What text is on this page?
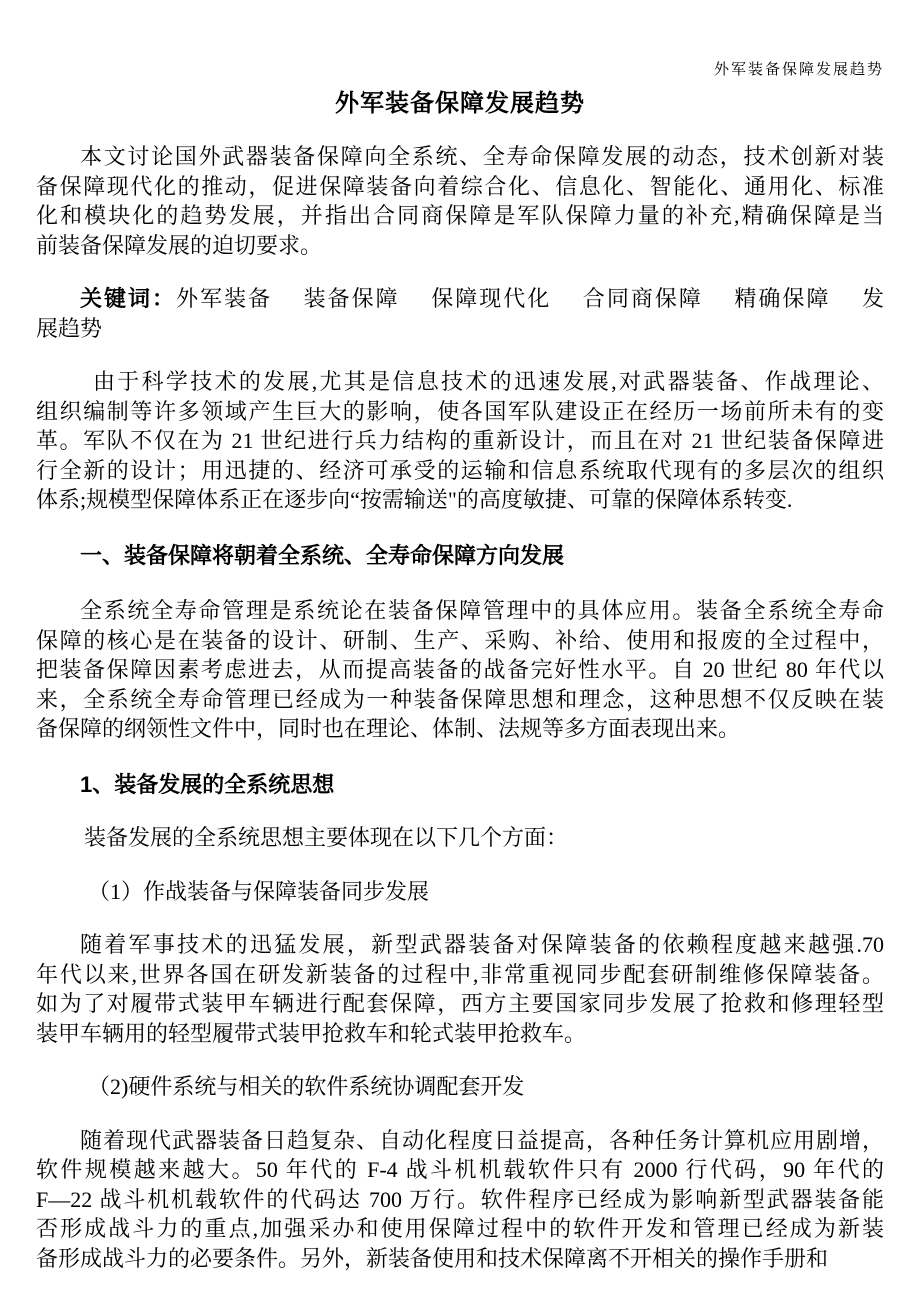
外军装备保障发展趋势
外军装备保障发展趋势
本文讨论国外武器装备保障向全系统、全寿命保障发展的动态，技术创新对装
备保障现代化的推动，促进保障装备向着综合化、信息化、智能化、通用化、标准
化和模块化的趋势发展，并指出合同商保障是军队保障力量的补充,精确保障是当
前装备保障发展的迫切要求。
关键词：外军装备　 装备保障　 保障现代化　 合同商保障　 精确保障　 发
展趋势
由于科学技术的发展,尤其是信息技术的迅速发展,对武器装备、作战理论、
组织编制等许多领域产生巨大的影响，使各国军队建设正在经历一场前所未有的变
革。军队不仅在为 21 世纪进行兵力结构的重新设计，而且在对 21 世纪装备保障进
行全新的设计；用迅捷的、经济可承受的运输和信息系统取代现有的多层次的组织
体系;规模型保障体系正在逐步向“按需输送"的高度敏捷、可靠的保障体系转变.
一、装备保障将朝着全系统、全寿命保障方向发展
全系统全寿命管理是系统论在装备保障管理中的具体应用。装备全系统全寿命
保障的核心是在装备的设计、研制、生产、采购、补给、使用和报废的全过程中，
把装备保障因素考虑进去，从而提高装备的战备完好性水平。自 20 世纪 80 年代以
来，全系统全寿命管理已经成为一种装备保障思想和理念，这种思想不仅反映在装
备保障的纲领性文件中，同时也在理论、体制、法规等多方面表现出来。
1、装备发展的全系统思想
装备发展的全系统思想主要体现在以下几个方面：
（1）作战装备与保障装备同步发展
随着军事技术的迅猛发展，新型武器装备对保障装备的依赖程度越来越强.70
年代以来,世界各国在研发新装备的过程中,非常重视同步配套研制维修保障装备。
如为了对履带式装甲车辆进行配套保障，西方主要国家同步发展了抢救和修理轻型
装甲车辆用的轻型履带式装甲抢救车和轮式装甲抢救车。
（2)硬件系统与相关的软件系统协调配套开发
随着现代武器装备日趋复杂、自动化程度日益提高，各种任务计算机应用剧增，
软件规模越来越大。50 年代的 F-4 战斗机机载软件只有 2000 行代码，90 年代的
F—22 战斗机机载软件的代码达 700 万行。软件程序已经成为影响新型武器装备能
否形成战斗力的重点,加强采办和使用保障过程中的软件开发和管理已经成为新装
备形成战斗力的必要条件。另外，新装备使用和技术保障离不开相关的操作手册和
